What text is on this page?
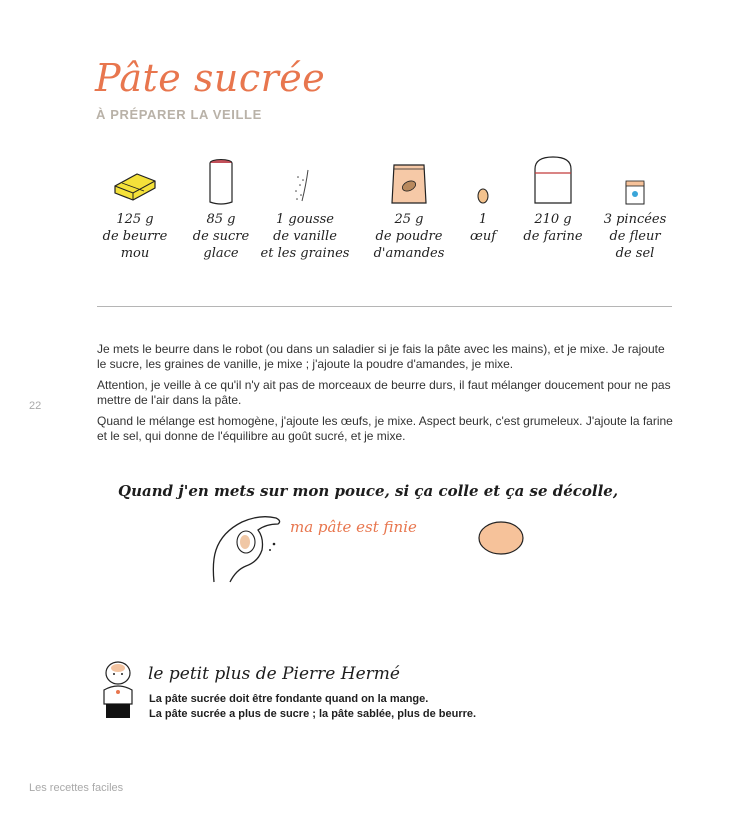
Pâte sucrée
À PRÉPARER LA VEILLE
125 g
de beurre
mou
85 g
de sucre
glace
1 gousse
de vanille
et les graines
25 g
de poudre
d'amandes
1
œuf
210 g
de farine
3 pincées
de fleur
de sel
22

Je mets le beurre dans le robot (ou dans un saladier si je fais la pâte avec les mains), et je mixe. Je rajoute le sucre, les graines de vanille, je mixe ; j'ajoute la poudre d'amandes, je mixe.

Attention, je veille à ce qu'il n'y ait pas de morceaux de beurre durs, il faut mélanger doucement pour ne pas mettre de l'air dans la pâte.

Quand le mélange est homogène, j'ajoute les œufs, je mixe. Aspect beurk, c'est grumeleux. J'ajoute la farine et le sel, qui donne de l'équilibre au goût sucré, et je mixe.

Quand j'en mets sur mon pouce, si ça colle et ça se décolle,
ma pâte est finie
le petit plus de Pierre Hermé
La pâte sucrée doit être fondante quand on la mange.
La pâte sucrée a plus de sucre ; la pâte sablée, plus de beurre.
Les recettes faciles
